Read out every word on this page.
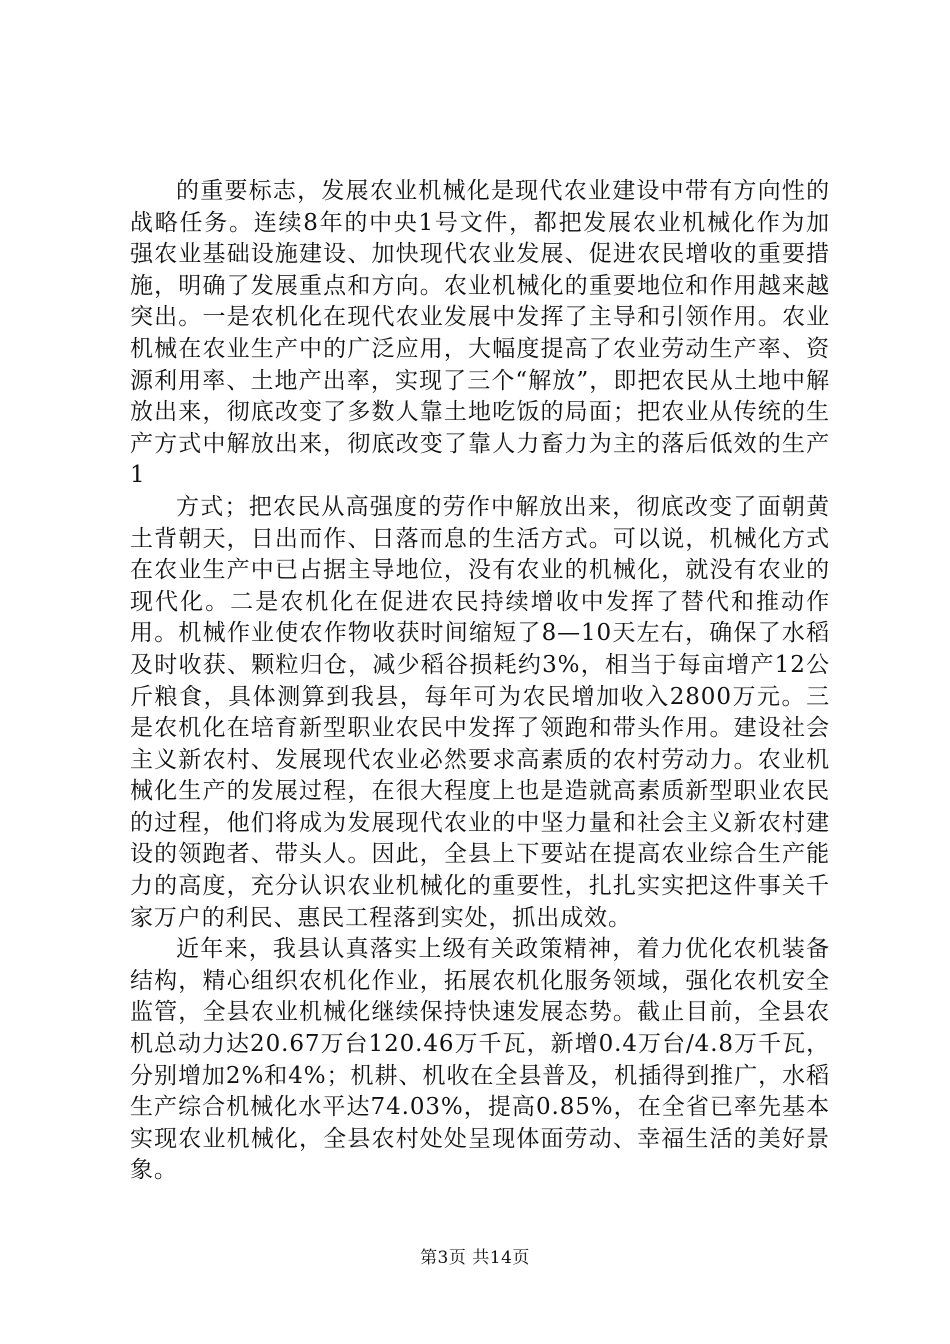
的重要标志，发展农业机械化是现代农业建设中带有方向性的战略任务。连续8年的中央1号文件，都把发展农业机械化作为加强农业基础设施建设、加快现代农业发展、促进农民增收的重要措施，明确了发展重点和方向。农业机械化的重要地位和作用越来越突出。一是农机化在现代农业发展中发挥了主导和引领作用。农业机械在农业生产中的广泛应用，大幅度提高了农业劳动生产率、资源利用率、土地产出率，实现了三个“解放”，即把农民从土地中解放出来，彻底改变了多数人靠土地吃饭的局面；把农业从传统的生产方式中解放出来，彻底改变了靠人力畜力为主的落后低效的生产1

方式；把农民从高强度的劳作中解放出来，彻底改变了面朝黄土背朝天，日出而作、日落而息的生活方式。可以说，机械化方式在农业生产中已占据主导地位，没有农业的机械化，就没有农业的现代化。二是农机化在促进农民持续增收中发挥了替代和推动作用。机械作业使农作物收获时间缩短了8—10天左右，确保了水稻及时收获、颗粒归仓，减少稻谷损耗约3%，相当于每亩增产12公斤粮食，具体测算到我县，每年可为农民增加收入2800万元。三是农机化在培育新型职业农民中发挥了领跑和带头作用。建设社会主义新农村、发展现代农业必然要求高素质的农村劳动力。农业机械化生产的发展过程，在很大程度上也是造就高素质新型职业农民的过程，他们将成为发展现代农业的中坚力量和社会主义新农村建设的领跑者、带头人。因此，全县上下要站在提高农业综合生产能力的高度，充分认识农业机械化的重要性，扎扎实实把这件事关千家万户的利民、惠民工程落到实处，抓出成效。

近年来，我县认真落实上级有关政策精神，着力优化农机装备结构，精心组织农机化作业，拓展农机化服务领域，强化农机安全监管，全县农业机械化继续保持快速发展态势。截止目前，全县农机总动力达20.67万台120.46万千瓦，新增0.4万台/4.8万千瓦，分别增加2%和4%；机耕、机收在全县普及，机插得到推广，水稻生产综合机械化水平达74.03%，提高0.85%，在全省已率先基本实现农业机械化，全县农村处处呈现体面劳动、幸福生活的美好景象。

第3页 共14页
